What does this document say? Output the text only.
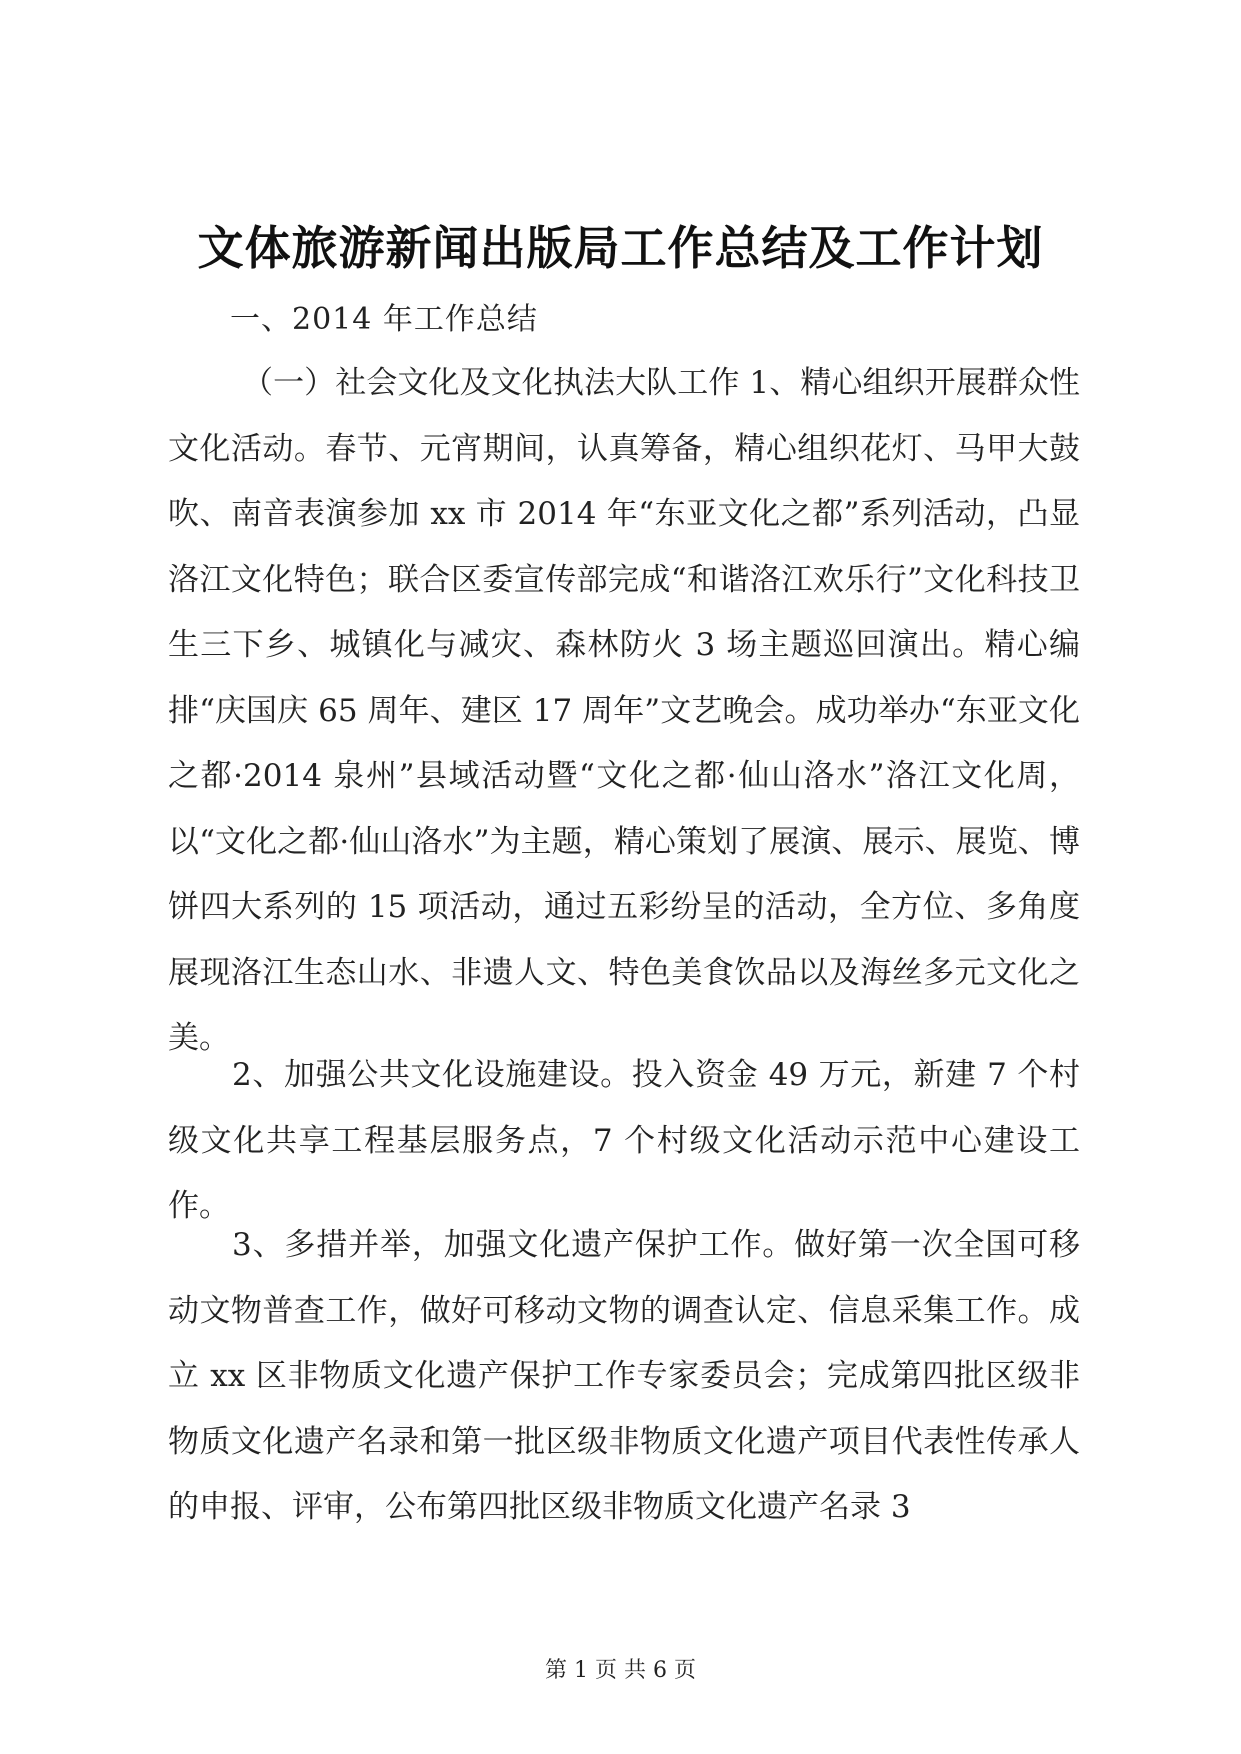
文体旅游新闻出版局工作总结及工作计划

一、2014 年工作总结

（一）社会文化及文化执法大队工作 1、精心组织开展群众性文化活动。春节、元宵期间，认真筹备，精心组织花灯、马甲大鼓吹、南音表演参加 xx 市 2014 年“东亚文化之都”系列活动，凸显洛江文化特色；联合区委宣传部完成“和谐洛江欢乐行”文化科技卫生三下乡、城镇化与减灾、森林防火 3 场主题巡回演出。精心编排“庆国庆 65 周年、建区 17 周年”文艺晚会。成功举办“东亚文化之都·2014 泉州”县域活动暨“文化之都·仙山洛水”洛江文化周，以“文化之都·仙山洛水”为主题，精心策划了展演、展示、展览、博饼四大系列的 15 项活动，通过五彩纷呈的活动，全方位、多角度展现洛江生态山水、非遗人文、特色美食饮品以及海丝多元文化之美。

2、加强公共文化设施建设。投入资金 49 万元，新建 7 个村级文化共享工程基层服务点，7 个村级文化活动示范中心建设工作。

3、多措并举，加强文化遗产保护工作。做好第一次全国可移动文物普查工作，做好可移动文物的调查认定、信息采集工作。成立 xx 区非物质文化遗产保护工作专家委员会；完成第四批区级非物质文化遗产名录和第一批区级非物质文化遗产项目代表性传承人的申报、评审，公布第四批区级非物质文化遗产名录 3

第 1 页 共 6 页
